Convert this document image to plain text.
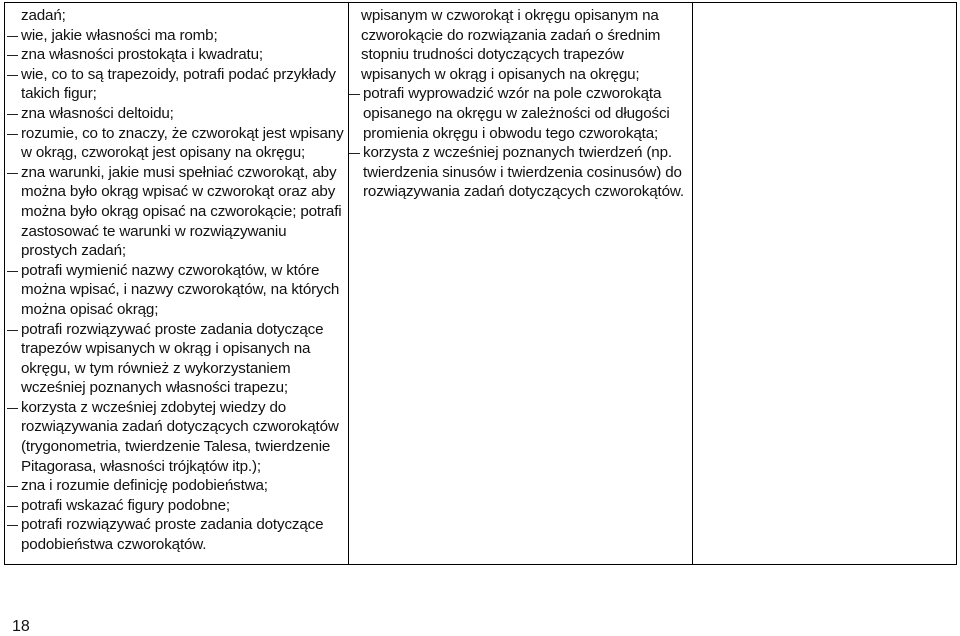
zadań;
wie, jakie własności ma romb;
zna własności prostokąta i kwadratu;
wie, co to są trapezoidy, potrafi podać przykłady
takich figur;
zna własności deltoidu;
rozumie, co to znaczy, że czworokąt jest wpisany
w okrąg, czworokąt jest opisany na okręgu;
zna warunki, jakie musi spełniać czworokąt, aby
można było okrąg wpisać w czworokąt oraz aby
można było okrąg opisać na czworokącie; potrafi
zastosować te warunki w rozwiązywaniu
prostych zadań;
potrafi wymienić nazwy czworokątów, w które
można wpisać, i nazwy czworokątów, na których
można opisać okrąg;
potrafi rozwiązywać proste zadania dotyczące
trapezów wpisanych w okrąg i opisanych na
okręgu, w tym również z wykorzystaniem
wcześniej poznanych własności trapezu;
korzysta z wcześniej zdobytej wiedzy do
rozwiązywania zadań dotyczących czworokątów
(trygonometria, twierdzenie Talesa, twierdzenie
Pitagorasa, własności trójkątów itp.);
zna i rozumie definicję podobieństwa;
potrafi wskazać figury podobne;
potrafi rozwiązywać proste zadania dotyczące
podobieństwa czworokątów.
wpisanym w czworokąt i okręgu opisanym na
czworokącie do rozwiązania zadań o średnim
stopniu trudności dotyczących trapezów
wpisanych w okrąg i opisanych na okręgu;
potrafi wyprowadzić wzór na pole czworokąta
opisanego na okręgu w zależności od długości
promienia okręgu i obwodu tego czworokąta;
korzysta z wcześniej poznanych twierdzeń (np.
twierdzenia sinusów i twierdzenia cosinusów) do
rozwiązywania zadań dotyczących czworokątów.
18
